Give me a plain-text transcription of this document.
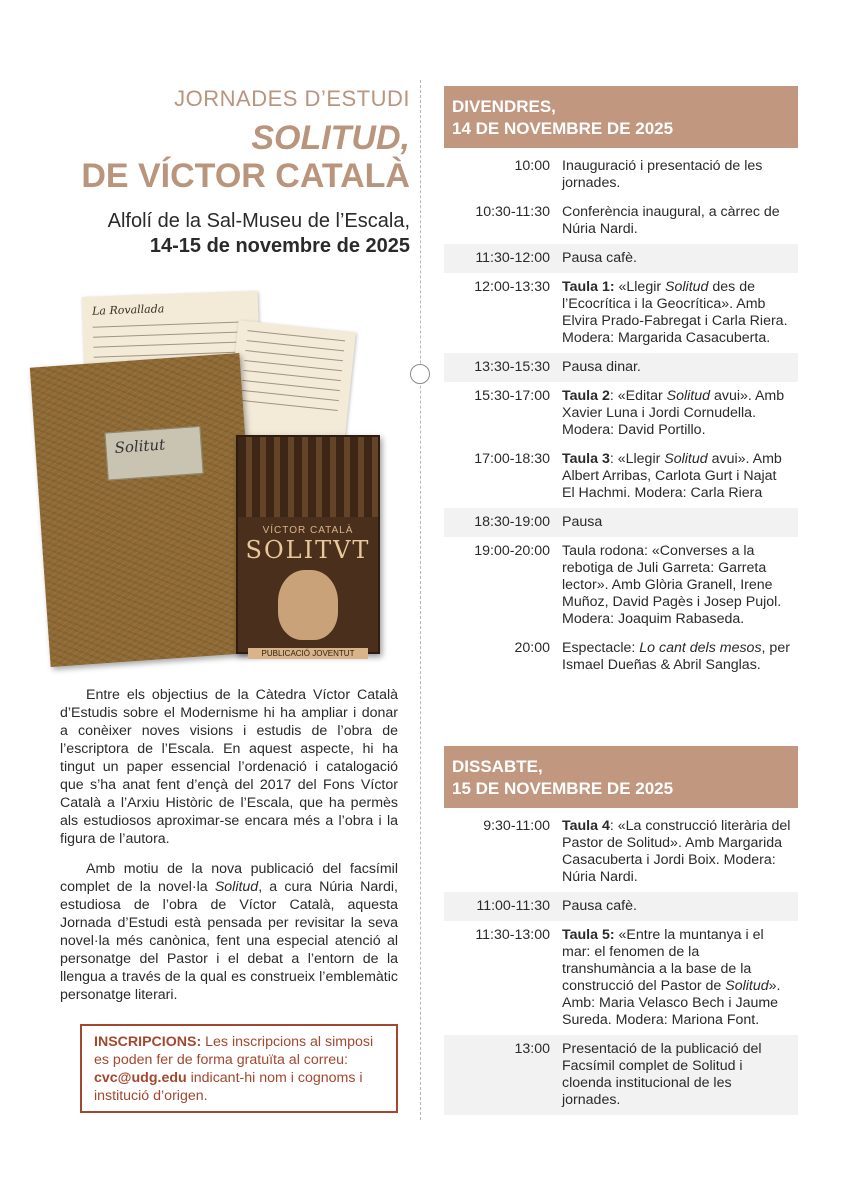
JORNADES D’ESTUDI
SOLITUD,
DE VÍCTOR CATALÀ
Alfolí de la Sal-Museu de l’Escala,
14-15 de novembre de 2025
La Rovallada
Solitut
VÍCTOR CATALÀ
SOLITVT
PUBLICACIÓ JOVENTUT

Entre els objectius de la Càtedra Víctor Català d’Estudis sobre el Modernisme hi ha ampliar i donar a conèixer noves visions i estudis de l’obra de l’escriptora de l’Escala. En aquest aspecte, hi ha tingut un paper essencial l’ordenació i catalogació que s’ha anat fent d’ençà del 2017 del Fons Víctor Català a l’Arxiu Històric de l’Escala, que ha permès als estudiosos aproximar-se encara més a l’obra i la figura de l’autora.

Amb motiu de la nova publicació del facsímil complet de la novel·la Solitud, a cura Núria Nardi, estudiosa de l’obra de Víctor Català, aquesta Jornada d’Estudi està pensada per revisitar la seva novel·la més canònica, fent una especial atenció al personatge del Pastor i el debat a l’entorn de la llengua a través de la qual es construeix l’emblemàtic personatge literari.

INSCRIPCIONS: Les inscripcions al simposi es poden fer de forma gratuïta al correu: cvc@udg.edu indicant-hi nom i cognoms i institució d’origen.
DIVENDRES,
14 DE NOVEMBRE DE 2025
10:00 Inauguració i presentació de les jornades.
10:30-11:30 Conferència inaugural, a càrrec de Núria Nardi.
11:30-12:00 Pausa cafè.
12:00-13:30 Taula 1: «Llegir Solitud des de l’Ecocrítica i la Geocrítica». Amb Elvira Prado-Fabregat i Carla Riera. Modera: Margarida Casacuberta.
13:30-15:30 Pausa dinar.
15:30-17:00 Taula 2: «Editar Solitud avui». Amb Xavier Luna i Jordi Cornudella. Modera: David Portillo.
17:00-18:30 Taula 3: «Llegir Solitud avui». Amb Albert Arribas, Carlota Gurt i Najat El Hachmi. Modera: Carla Riera
18:30-19:00 Pausa
19:00-20:00 Taula rodona: «Converses a la rebotiga de Juli Garreta: Garreta lector». Amb Glòria Granell, Irene Muñoz, David Pagès i Josep Pujol. Modera: Joaquim Rabaseda.
20:00 Espectacle: Lo cant dels mesos, per Ismael Dueñas & Abril Sanglas.
DISSABTE,
15 DE NOVEMBRE DE 2025
9:30-11:00 Taula 4: «La construcció literària del Pastor de Solitud». Amb Margarida Casacuberta i Jordi Boix. Modera: Núria Nardi.
11:00-11:30 Pausa cafè.
11:30-13:00 Taula 5: «Entre la muntanya i el mar: el fenomen de la transhumància a la base de la construcció del Pastor de Solitud». Amb: Maria Velasco Bech i Jaume Sureda. Modera: Mariona Font.
13:00 Presentació de la publicació del Facsímil complet de Solitud i cloenda institucional de les jornades.
